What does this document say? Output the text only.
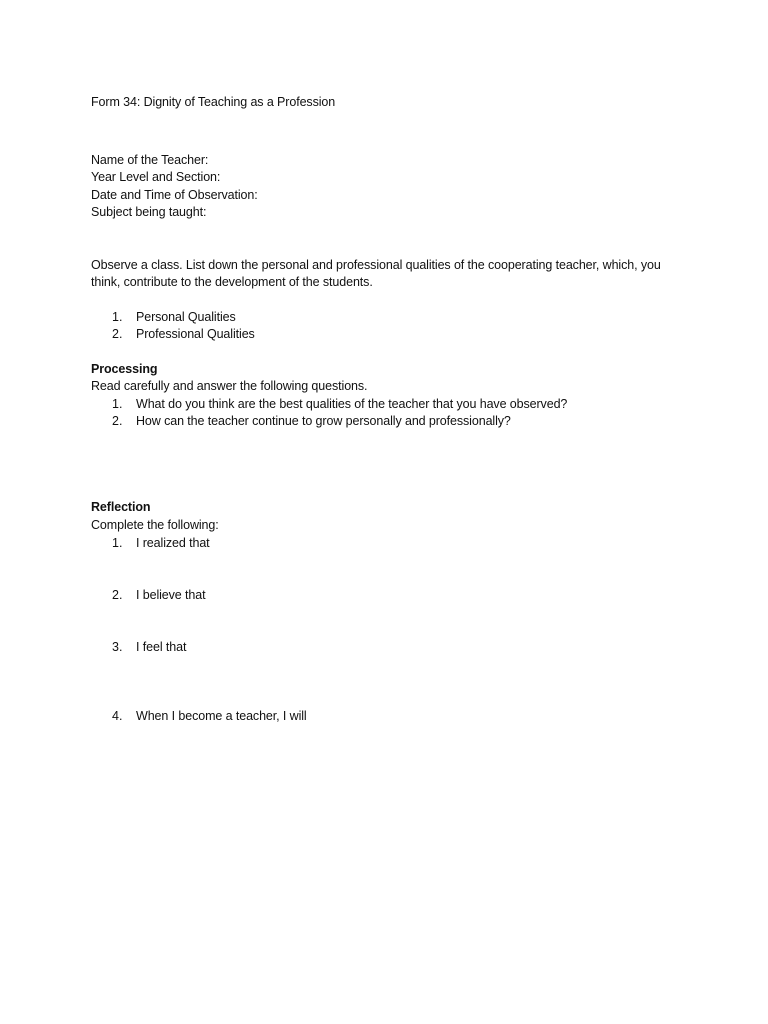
Form 34: Dignity of Teaching as a Profession
Name of the Teacher:
Year Level and Section:
Date and Time of Observation:
Subject being taught:
Observe a class. List down the personal and professional qualities of the cooperating teacher, which, you
think, contribute to the development of the students.
1. Personal Qualities
2. Professional Qualities
Processing
Read carefully and answer the following questions.
1. What do you think are the best qualities of the teacher that you have observed?
2. How can the teacher continue to grow personally and professionally?
Reflection
Complete the following:
1. I realized that
2. I believe that
3. I feel that
4. When I become a teacher, I will
